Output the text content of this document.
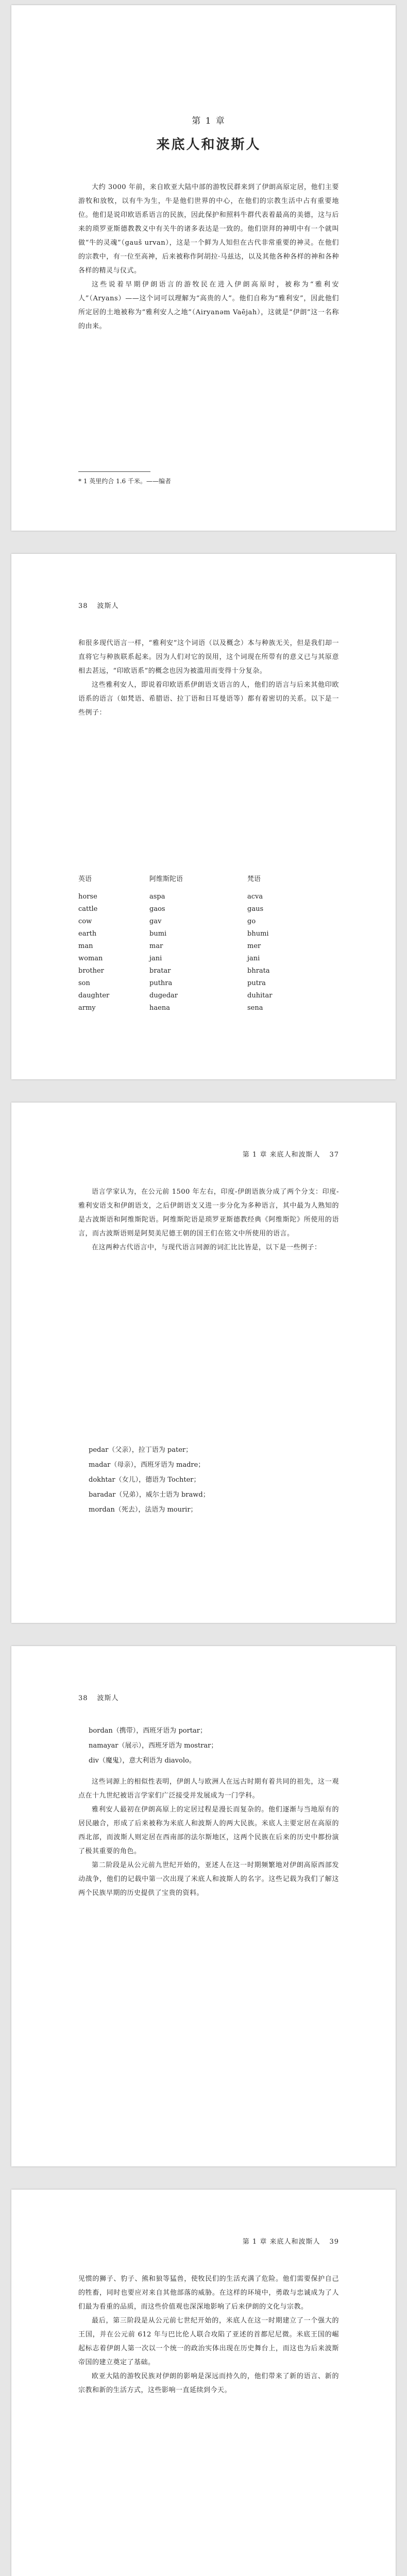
第 1 章
来底人和波斯人

大约 3000 年前，来自欧亚大陆中部的游牧民群来到了伊朗高原定居，他们主要游牧和放牧，以有牛为生，牛是他们世界的中心，在他们的宗教生活中占有重要地位。他们是说印欧语系语言的民族，因此保护和照料牛群代表着最高的美德，这与后来的琐罗亚斯德教教义中有关牛的诸多表达是一致的。他们崇拜的神明中有一个就叫做“牛的灵魂”（gauš urvan），这是一个鲜为人知但在古代非常重要的神灵。在他们的宗教中，有一位至高神，后来被称作阿胡拉·马兹达，以及其他各种各样的神和各种各样的精灵与仪式。

这些说着早期伊朗语言的游牧民在进入伊朗高原时，被称为“雅利安人”（Aryans）——这个词可以理解为“高贵的人”。他们自称为“雅利安”，因此他们所定居的土地被称为“雅利安人之地”（Airyanəm Vaējah），这就是“伊朗”这一名称的由来。

* 1 英里约合 1.6 千米。——编者
38 波斯人

和很多现代语言一样，“雅利安”这个词语（以及概念）本与种族无关，但是我们却一直将它与种族联系起来。因为人们对它的误用，这个词现在所带有的意义已与其原意相去甚远，“印欧语系”的概念也因为被滥用而变得十分复杂。

这些雅利安人，即说着印欧语系伊朗语支语言的人，他们的语言与后来其他印欧语系的语言（如梵语、希腊语、拉丁语和日耳曼语等）都有着密切的关系。以下是一些例子：

英语	阿维斯陀语	梵语
horse	aspa	acva
cattle	gaos	gaus
cow	gav	go
earth	bumi	bhumi
man	mar	mer
woman	jani	jani
brother	bratar	bhrata
son	puthra	putra
daughter	dugedar	duhitar
army	haena	sena
第 1 章 来底人和波斯人 37

语言学家认为，在公元前 1500 年左右，印度-伊朗语族分成了两个分支：印度-雅利安语支和伊朗语支，之后伊朗语支又进一步分化为多种语言，其中最为人熟知的是古波斯语和阿维斯陀语。阿维斯陀语是琐罗亚斯德教经典《阿维斯陀》所使用的语言，而古波斯语则是阿契美尼德王朝的国王们在铭文中所使用的语言。

在这两种古代语言中，与现代语言同源的词汇比比皆是，以下是一些例子：

pedar（父亲），拉丁语为 pater；
madar（母亲），西班牙语为 madre；
dokhtar（女儿），德语为 Tochter；
baradar（兄弟），威尔士语为 brawd；
mordan（死去），法语为 mourir；
38 波斯人
bordan（携带），西班牙语为 portar；
namayar（展示），西班牙语为 mostrar；
div（魔鬼），意大利语为 diavolo。

这些词源上的相似性表明，伊朗人与欧洲人在远古时期有着共同的祖先，这一观点在十九世纪被语言学家们广泛接受并发展成为一门学科。

雅利安人最初在伊朗高原上的定居过程是漫长而复杂的。他们逐渐与当地原有的居民融合，形成了后来被称为米底人和波斯人的两大民族。米底人主要定居在高原的西北部，而波斯人则定居在西南部的法尔斯地区，这两个民族在后来的历史中都扮演了极其重要的角色。

第二阶段是从公元前九世纪开始的，亚述人在这一时期频繁地对伊朗高原西部发动战争，他们的记载中第一次出现了米底人和波斯人的名字。这些记载为我们了解这两个民族早期的历史提供了宝贵的资料。

第 1 章 来底人和波斯人 39

见惯的狮子、豹子、熊和狼等猛兽，使牧民们的生活充满了危险。他们需要保护自己的牲畜，同时也要应对来自其他部落的威胁。在这样的环境中，勇敢与忠诚成为了人们最为看重的品质，而这些价值观也深深地影响了后来伊朗的文化与宗教。

最后，第三阶段是从公元前七世纪开始的，米底人在这一时期建立了一个强大的王国，并在公元前 612 年与巴比伦人联合攻陷了亚述的首都尼尼微。米底王国的崛起标志着伊朗人第一次以一个统一的政治实体出现在历史舞台上，而这也为后来波斯帝国的建立奠定了基础。

欧亚大陆的游牧民族对伊朗的影响是深远而持久的，他们带来了新的语言、新的宗教和新的生活方式，这些影响一直延续到今天。
